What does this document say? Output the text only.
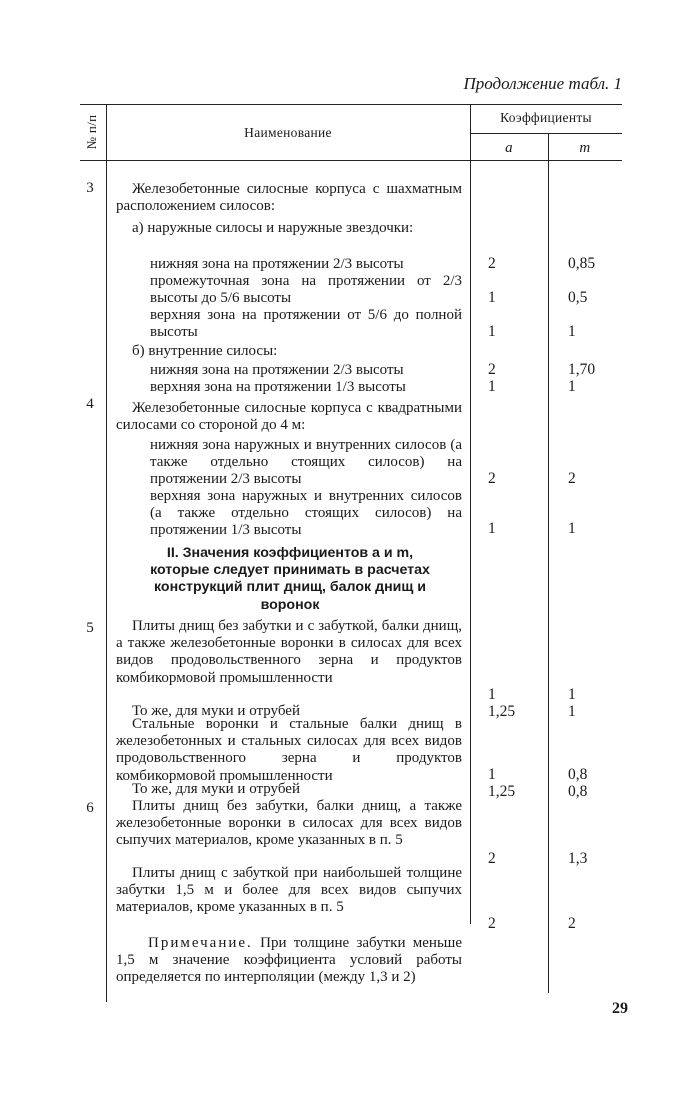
Продолжение табл. 1
№ п/п	Наименование
Коэффициенты
a	m
3
4
5
6
Железобетонные силосные корпуса с шахматным расположением силосов:
а) наружные силосы и наружные звездочки:
нижняя зона на протяжении 2/3 высоты
промежуточная зона на протяжении от 2/3 высоты до 5/6 высоты
верхняя зона на протяжении от 5/6 до полной высоты
б) внутренние силосы:
нижняя зона на протяжении 2/3 высоты
верхняя зона на протяжении 1/3 высоты
Железобетонные силосные корпуса с квадратными силосами со стороной до 4 м:
нижняя зона наружных и внутренних силосов (а также отдельно стоящих силосов) на протяжении 2/3 высоты
верхняя зона наружных и внутренних силосов (а также отдельно стоящих силосов) на протяжении 1/3 высоты
II. Значения коэффициентов a и m, которые следует принимать в расчетах конструкций плит днищ, балок днищ и воронок
Плиты днищ без забутки и с забуткой, балки днищ, а также железобетонные воронки в силосах для всех видов продовольственного зерна и продуктов комбикормовой промышленности
То же, для муки и отрубей
Стальные воронки и стальные балки днищ в железобетонных и стальных силосах для всех видов продовольственного зерна и продуктов комбикормовой промышленности
То же, для муки и отрубей
Плиты днищ без забутки, балки днищ, а также железобетонные воронки в силосах для всех видов сыпучих материалов, кроме указанных в п. 5
Плиты днищ с забуткой при наибольшей толщине забутки 1,5 м и более для всех видов сыпучих материалов, кроме указанных в п. 5
Примечание. При толщине забутки меньше 1,5 м значение коэффициента условий работы определяется по интерполяции (между 1,3 и 2)
2
1
1
2
1
2
1
1
1,25
1
1,25
2
2
0,85
0,5
1
1,70
1
2
1
1
1
0,8
0,8
1,3
2
29
